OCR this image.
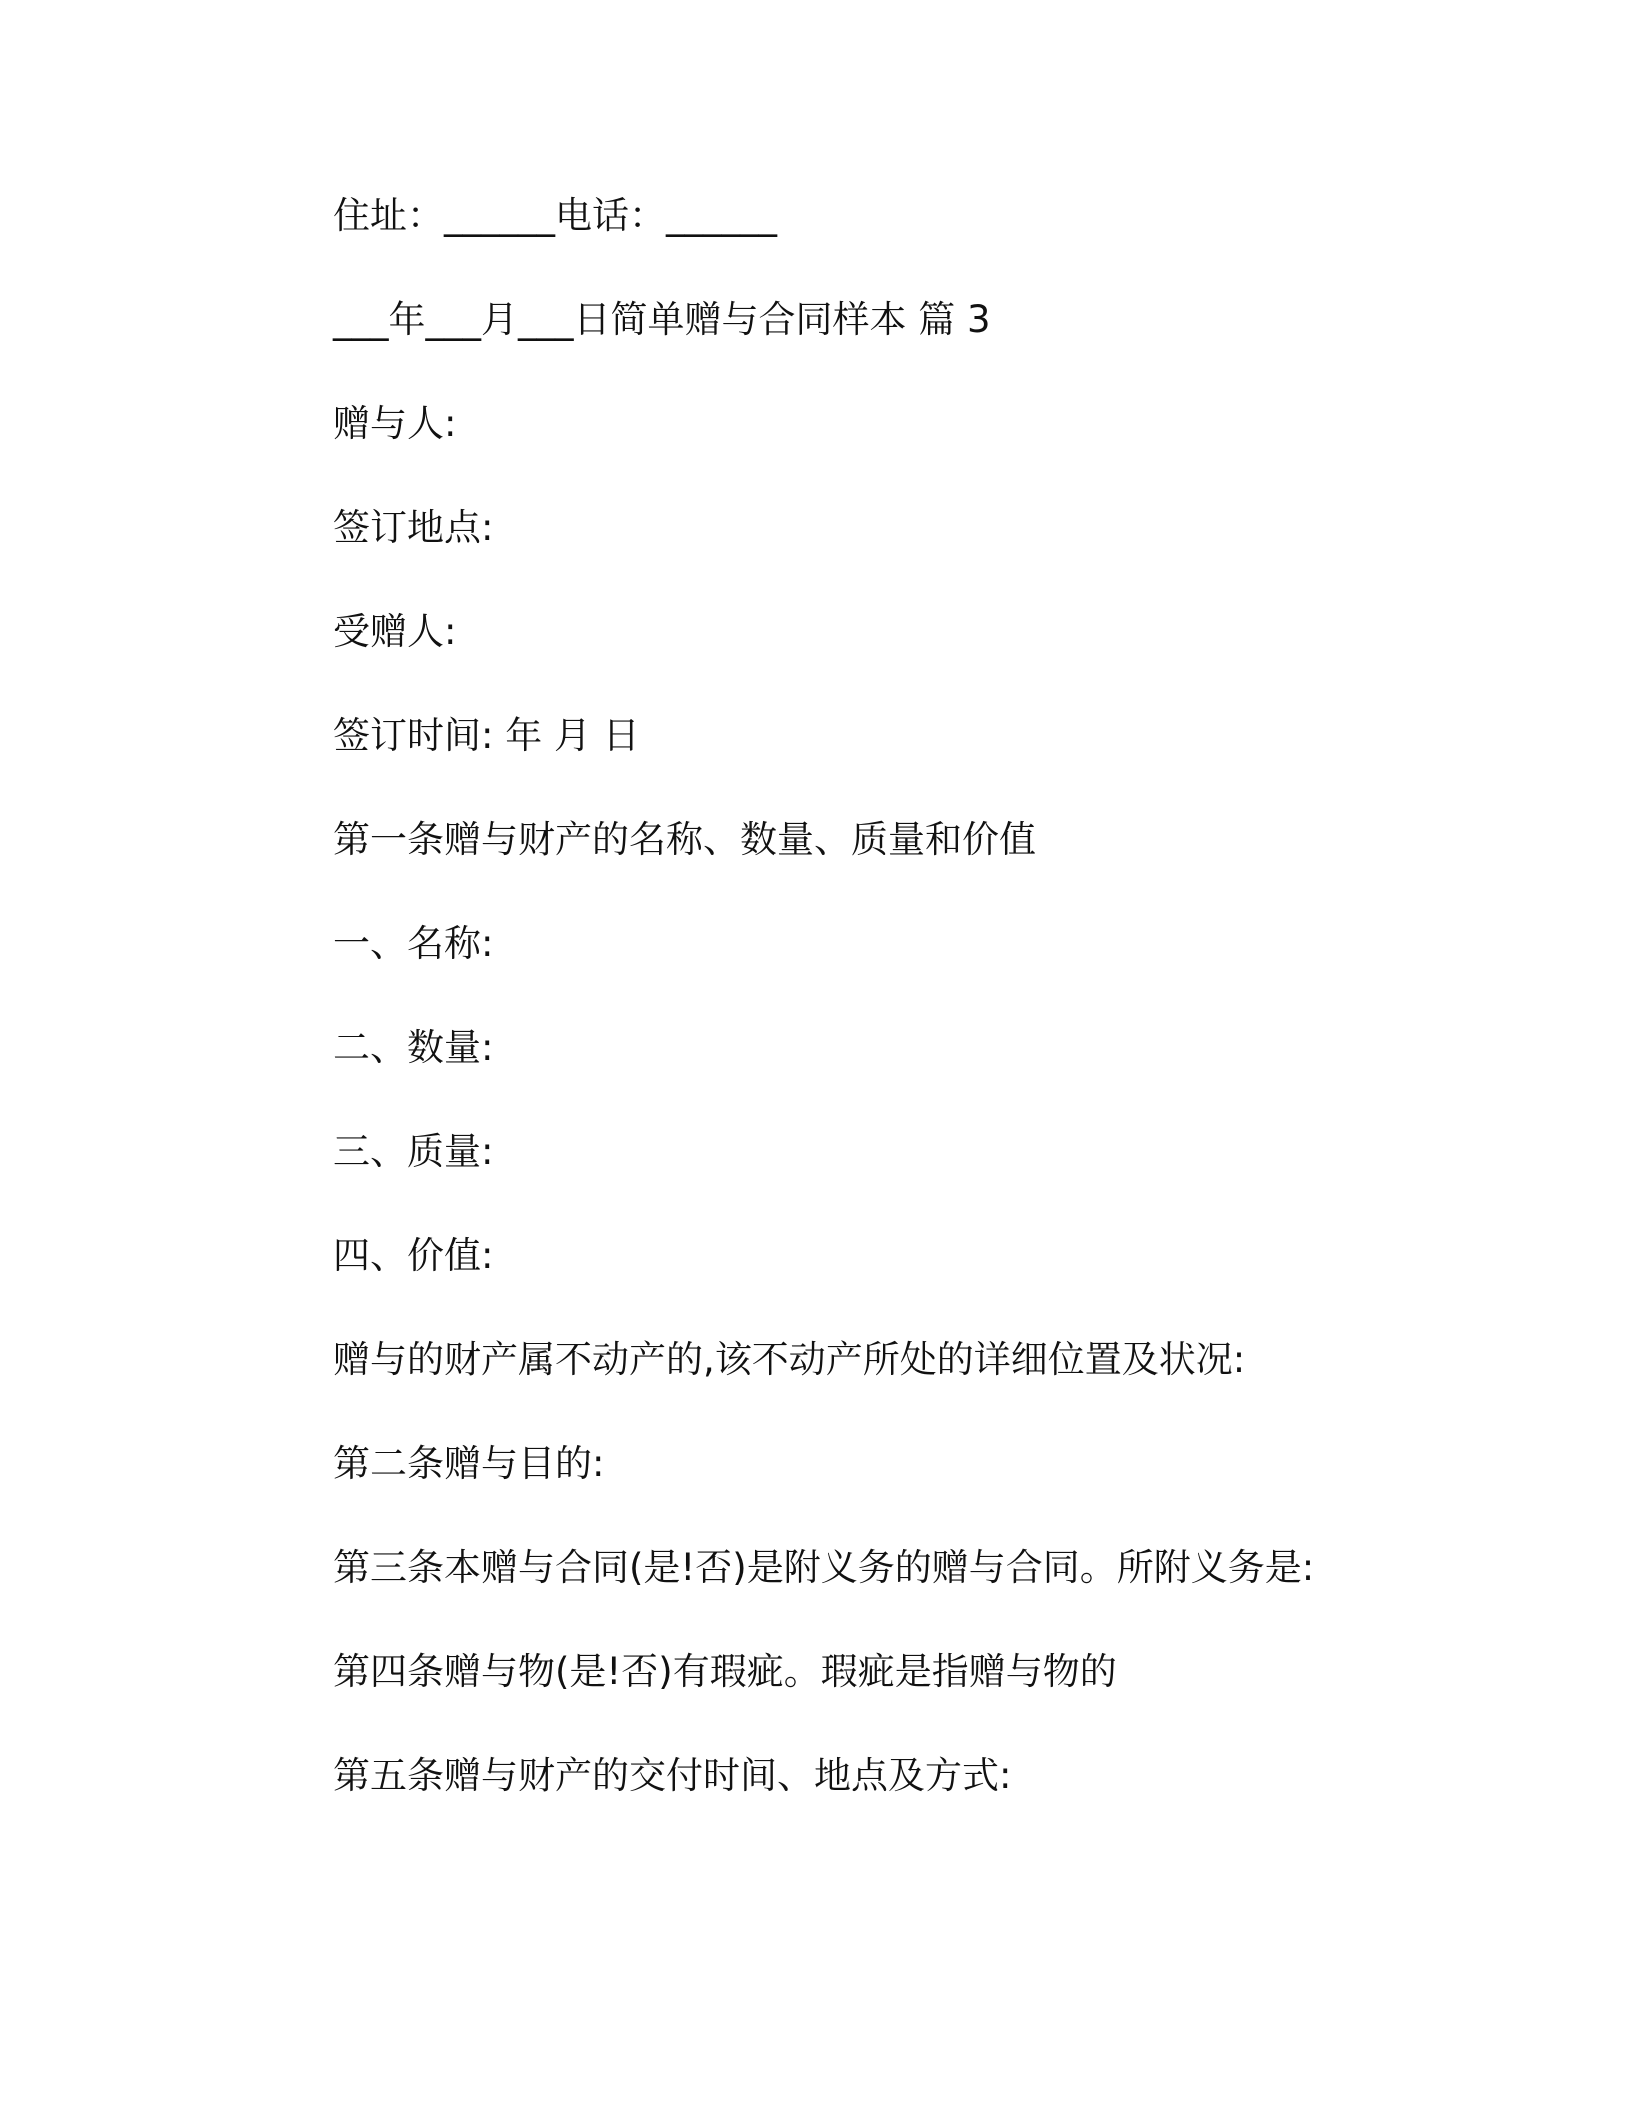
住址：______电话：______
___年___月___日简单赠与合同样本 篇 3
赠与人:
签订地点:
受赠人:
签订时间: 年 月 日
第一条赠与财产的名称、数量、质量和价值
一、名称:
二、数量:
三、质量:
四、价值:
赠与的财产属不动产的,该不动产所处的详细位置及状况:
第二条赠与目的:
第三条本赠与合同(是!否)是附义务的赠与合同。所附义务是:
第四条赠与物(是!否)有瑕疵。瑕疵是指赠与物的
第五条赠与财产的交付时间、地点及方式:
